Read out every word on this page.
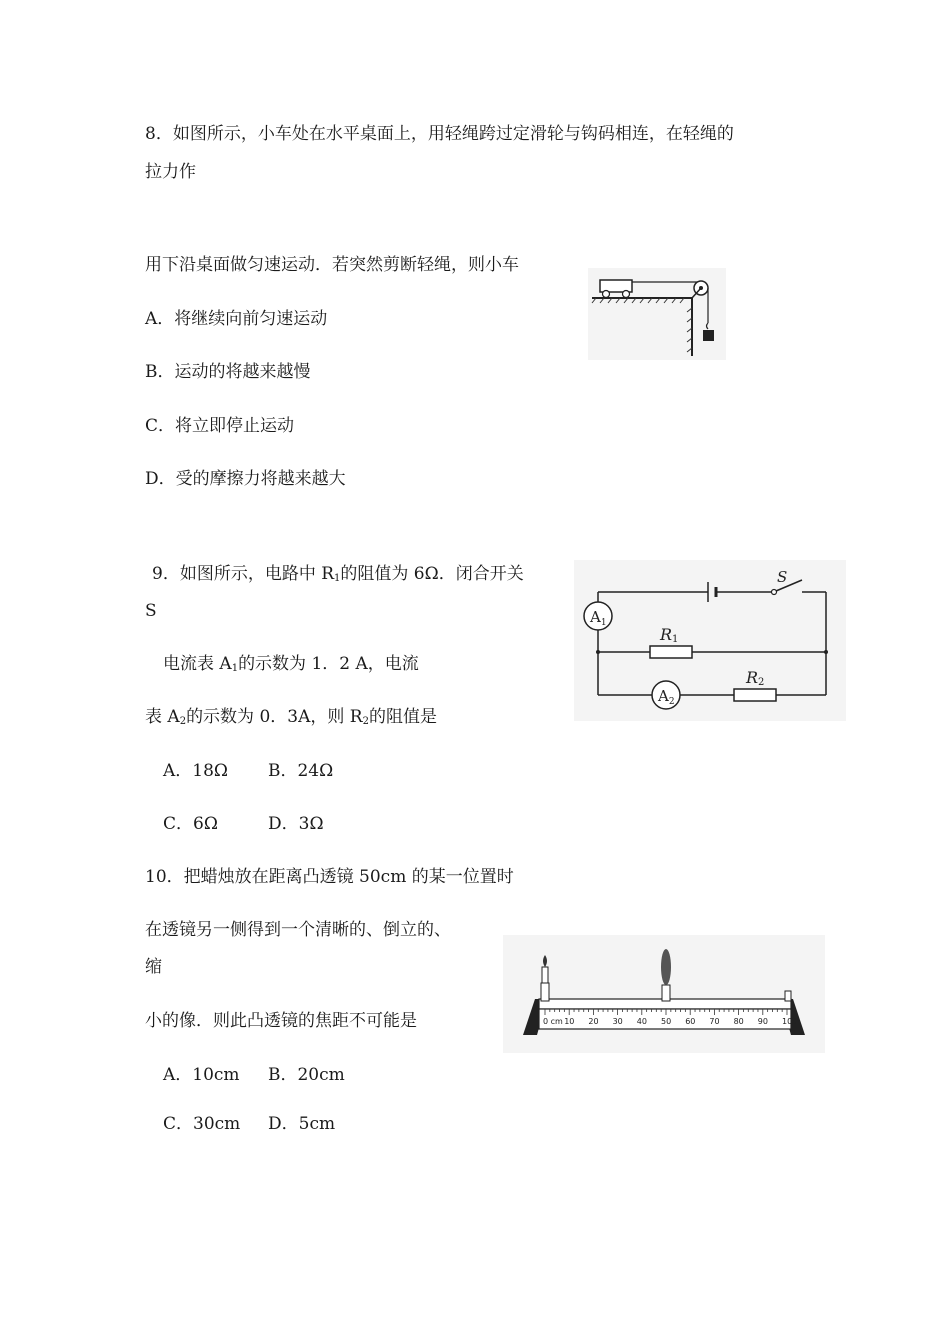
8．如图所示，小车处在水平桌面上，用轻绳跨过定滑轮与钩码相连，在轻绳的
拉力作
用下沿桌面做匀速运动．若突然剪断轻绳，则小车
A．将继续向前匀速运动
B．运动的将越来越慢
C．将立即停止运动
D．受的摩擦力将越来越大
9．如图所示，电路中 $R_1$的阻值为 6Ω．闭合开关
S
电流表 $A_1$的示数为 1．2 A，电流
表 $A_2$的示数为 0．3A，则 $R_2$的阻值是
A．18Ω B．24Ω
C．6Ω	D．3Ω
S
$A_1$
R1
$A_2$
R2
10．把蜡烛放在距离凸透镜 50cm 的某一位置时
在透镜另一侧得到一个清晰的、倒立的、
缩
小的像．则此凸透镜的焦距不可能是
A．10cm B．20cm
C．30cm D．5cm
0 cm 10 20 30 40 50 60 70 80 90 100
